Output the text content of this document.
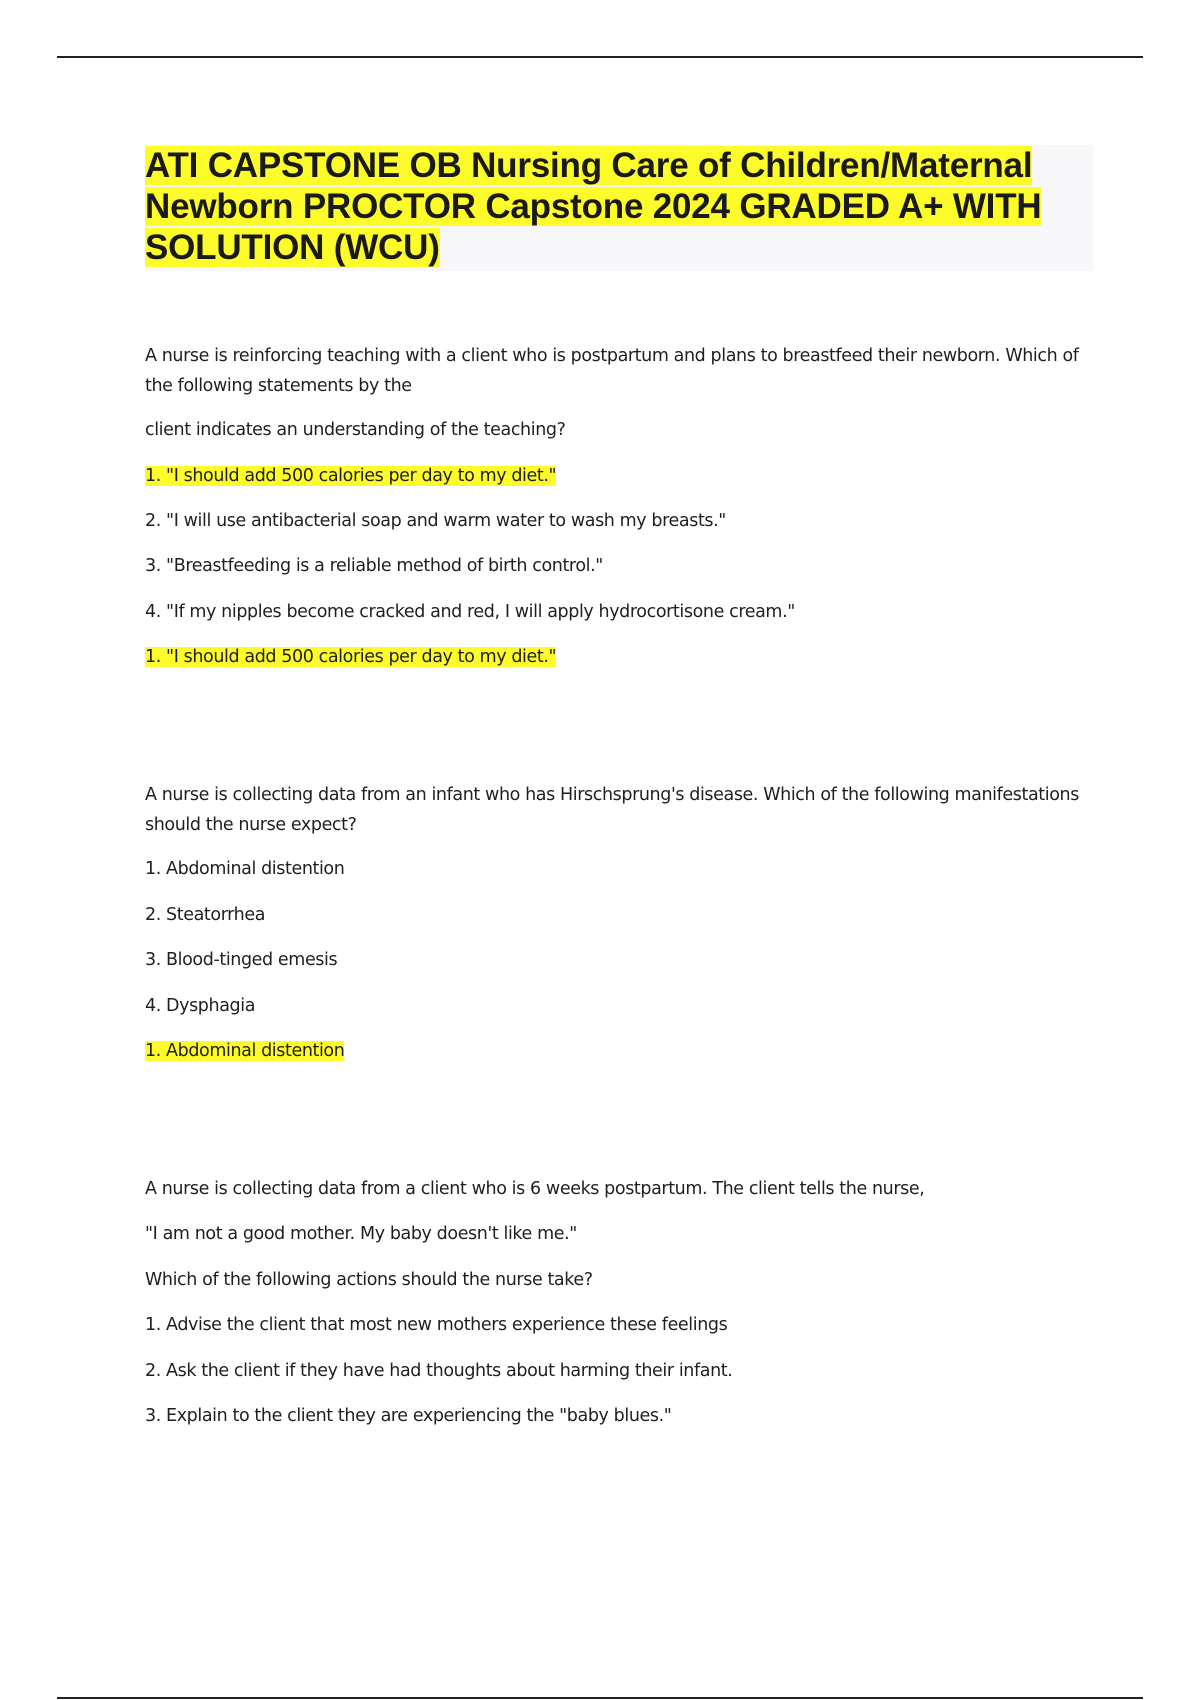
ATI CAPSTONE OB Nursing Care of Children/Maternal Newborn PROCTOR Capstone 2024 GRADED A+ WITH SOLUTION (WCU)

A nurse is reinforcing teaching with a client who is postpartum and plans to breastfeed their newborn. Which of the following statements by the

client indicates an understanding of the teaching?

1. "I should add 500 calories per day to my diet."

2. "I will use antibacterial soap and warm water to wash my breasts."

3. "Breastfeeding is a reliable method of birth control."

4. "If my nipples become cracked and red, I will apply hydrocortisone cream."

1. "I should add 500 calories per day to my diet."

A nurse is collecting data from an infant who has Hirschsprung's disease. Which of the following manifestations should the nurse expect?

1. Abdominal distention

2. Steatorrhea

3. Blood-tinged emesis

4. Dysphagia

1. Abdominal distention

A nurse is collecting data from a client who is 6 weeks postpartum. The client tells the nurse,

"I am not a good mother. My baby doesn't like me."

Which of the following actions should the nurse take?

1. Advise the client that most new mothers experience these feelings

2. Ask the client if they have had thoughts about harming their infant.

3. Explain to the client they are experiencing the "baby blues."
